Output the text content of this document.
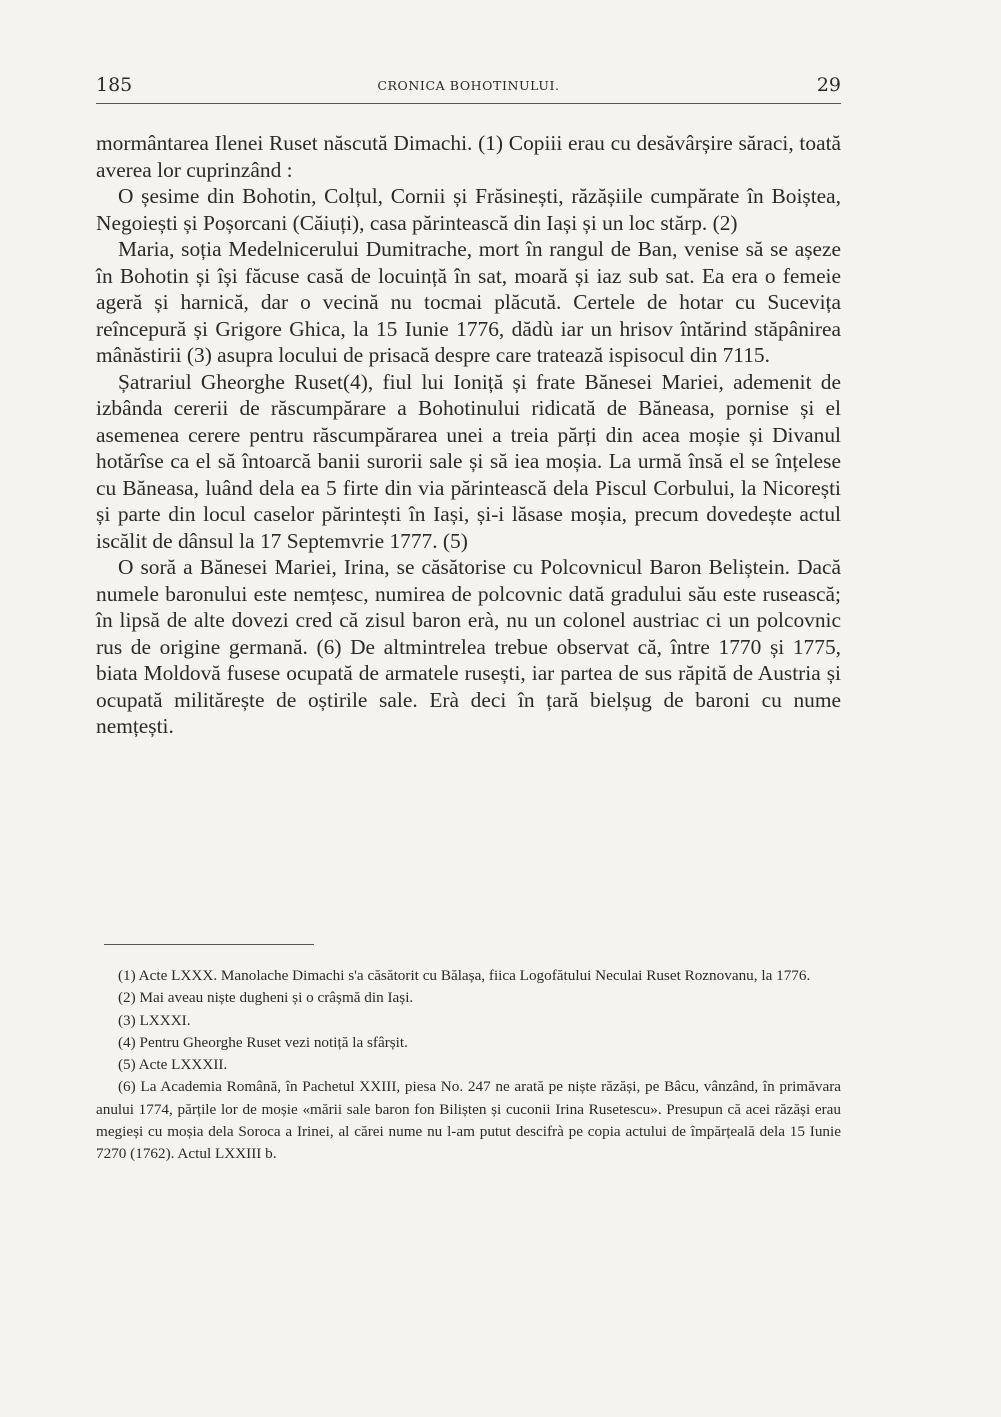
185	CRONICA BOHOTINULUI.	29

mormântarea Ilenei Ruset născută Dimachi. (1) Copiii erau cu desăvârșire săraci, toată averea lor cuprinzând :

O șesime din Bohotin, Colțul, Cornii și Frăsinești, răzășiile cumpărate în Boiștea, Negoiești și Poșorcani (Căiuți), casa părintească din Iași și un loc stărp. (2)

Maria, soția Medelnicerului Dumitrache, mort în rangul de Ban, venise să se așeze în Bohotin și își făcuse casă de locuință în sat, moară și iaz sub sat. Ea era o femeie ageră și harnică, dar o vecină nu tocmai plăcută. Certele de hotar cu Sucevița reîncepură și Grigore Ghica, la 15 Iunie 1776, dădù iar un hrisov întărind stăpânirea mânăstirii (3) asupra locului de prisacă despre care tratează ispisocul din 7115.

Șatrariul Gheorghe Ruset(4), fiul lui Ioniță și frate Bănesei Mariei, ademenit de izbânda cererii de răscumpărare a Bohotinului ridicată de Băneasa, pornise și el asemenea cerere pentru răscumpărarea unei a treia părți din acea moșie și Divanul hotărîse ca el să întoarcă banii surorii sale și să iea moșia. La urmă însă el se înțelese cu Băneasa, luând dela ea 5 firte din via părintească dela Piscul Corbului, la Nicorești și parte din locul caselor părintești în Iași, și-i lăsase moșia, precum dovedește actul iscălit de dânsul la 17 Septemvrie 1777. (5)

O soră a Bănesei Mariei, Irina, se căsătorise cu Polcovnicul Baron Beliștein. Dacă numele baronului este nemțesc, numirea de polcovnic dată gradului său este rusească; în lipsă de alte dovezi cred că zisul baron erà, nu un colonel austriac ci un polcovnic rus de origine germană. (6) De altmintrelea trebue observat că, între 1770 și 1775, biata Moldovă fusese ocupată de armatele rusești, iar partea de sus răpită de Austria și ocupată militărește de oștirile sale. Erà deci în țară bielșug de baroni cu nume nemțești.

(1) Acte LXXX. Manolache Dimachi s'a căsătorit cu Bălașa, fiica Logofătului Neculai Ruset Roznovanu, la 1776.

(2) Mai aveau niște dugheni și o crâșmă din Iași.

(3) LXXXI.

(4) Pentru Gheorghe Ruset vezi notiță la sfârșit.

(5) Acte LXXXII.

(6) La Academia Română, în Pachetul XXIII, piesa No. 247 ne arată pe niște răzăși, pe Bâcu, vânzând, în primăvara anului 1774, părțile lor de moșie «mării sale baron fon Bilișten și cuconii Irina Rusetescu». Presupun că acei răzăși erau megieși cu moșia dela Soroca a Irinei, al cărei nume nu l-am putut descifrà pe copia actului de împărțeală dela 15 Iunie 7270 (1762). Actul LXXIII b.
